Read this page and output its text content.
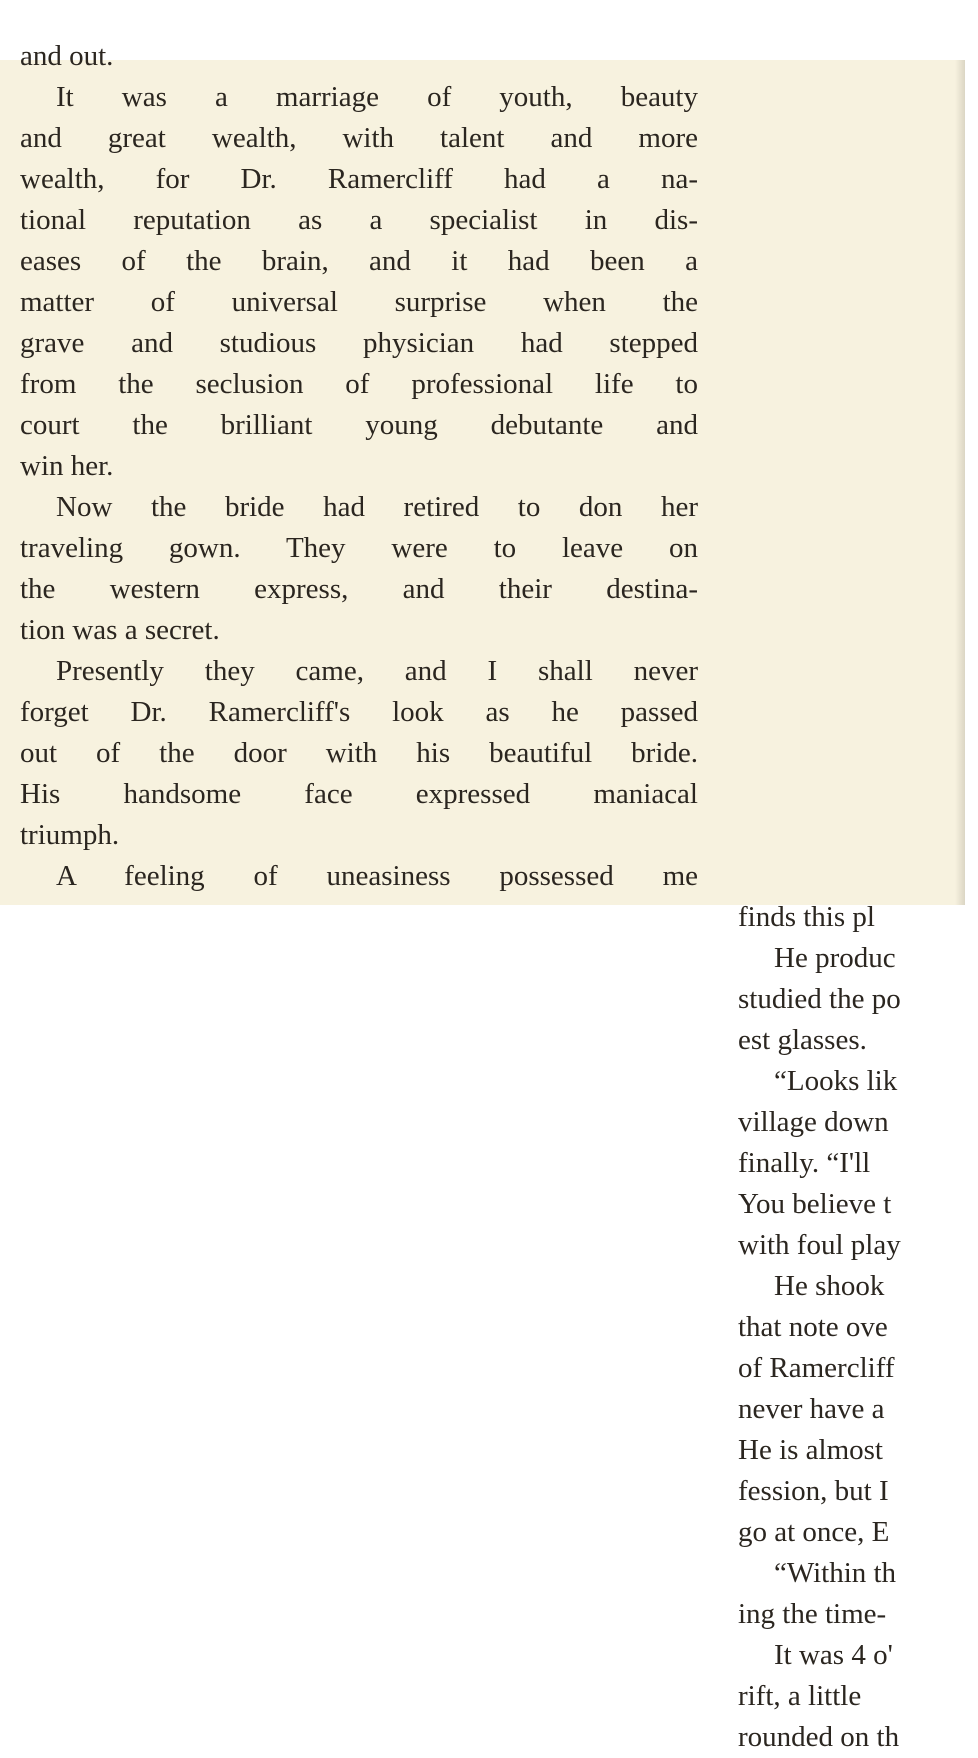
and out.
It was a marriage of youth, beauty
and great wealth, with talent and more
wealth, for Dr. Ramercliff had a na-
tional reputation as a specialist in dis-
eases of the brain, and it had been a
matter of universal surprise when the
grave and studious physician had stepped
from the seclusion of professional life to
court the brilliant young debutante and
win her.
Now the bride had retired to don her
traveling gown. They were to leave on
the western express, and their destina-
tion was a secret.
Presently they came, and I shall never
forget Dr. Ramercliff's look as he passed
out of the door with his beautiful bride.
His handsome face expressed maniacal
triumph.
A feeling of uneasiness possessed me
finds this pl
He produc
studied the po
est glasses.
“Looks lik
village down
finally. “I'll
You believe t
with foul play
He shook
that note ove
of Ramercliff
never have a
He is almost
fession, but I
go at once, E
“Within th
ing the time-
It was 4 o'
rift, a little
rounded on th
